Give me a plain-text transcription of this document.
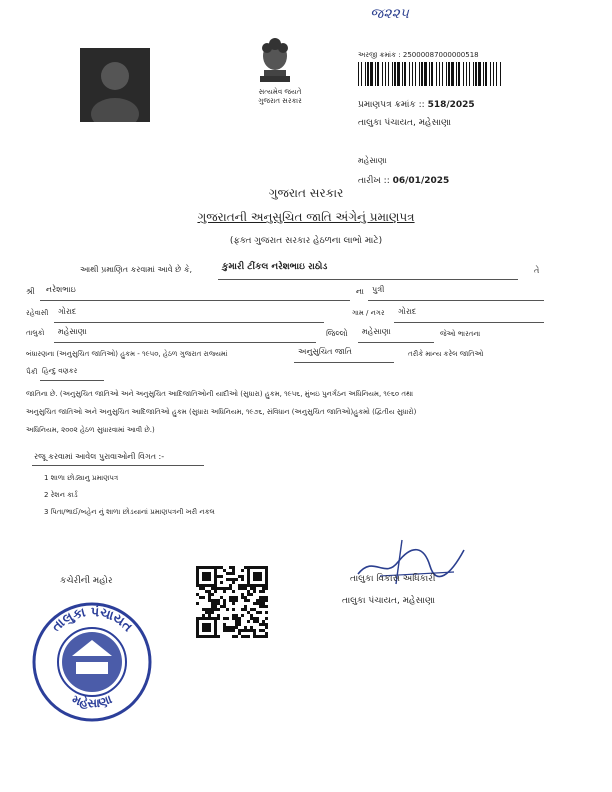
જ૨૨૫
સત્યમેવ જયતે
ગુજરાત સરકાર
અરજી ક્રમાંક : 25000087000000518
પ્રમાણપત્ર ક્રમાંક :: 518/2025
તાલુકા પંચાયત, મહેસાણા
મહેસાણા
તારીખ :: 06/01/2025
ગુજરાત સરકાર
ગુજરાતની અનુસુચિત જાતિ અંગેનું પ્રમાણપત્ર
(ફક્ત ગુજરાત સરકાર હેઠળના લાભો માટે)
આથી પ્રમાણિત કરવામાં આવે છે કે,	કુમારી ટીંકલ નરેશભાઇ રાઠોડ	તે
શ્રી નરેશભાઇ	ના પુત્રી
રહેવાસી ગોરાદ	ગામ / નગર ગોરાદ
તાલુકો મહેસાણા	જિલ્લો મહેસાણા	જેઓ ભારતના
બંધારણના (અનુસુચિત જાતિઓ) હુકમ - ૧૯૫૦, હેઠળ ગુજરાત રાજ્યમાં	અનુસુચિત જાતિ	તરીકે માન્ય કરેલ જાતિઓ
પૈકી હિન્દુ વણકર
જાતિના છે. (અનુસુચિત જાતિઓ અને અનુસુચિત આદિજાતિઓની યાદીઓ (સુધારા) હુકમ, ૧૯૫૬, મુંબઇ પુનર્ગઠન અધિનિયમ, ૧૯૬૦ તથા
અનુસુચિત જાતિઓ અને અનુસુચિત આદિજાતિઓ હુકમ (સુધારા અધિનિયમ, ૧૯૭૬, સંવિધાન (અનુસુચિત જાતિઓ)હુકમો (દ્વિતીય સુધારો)
અધિનિયમ, ૨૦૦૨ હેઠળ સુધારવામાં આવી છે.)
રજૂ કરવામાં આવેલ પુરાવાઓની વિગત :-
1 શાળા છોડ્યાનુ પ્રમાણપત્ર
2 રેશન કાર્ડ
3 પિતા/ભાઈ/બહેન નું શાળા છોડયાનાં પ્રમાણપત્રની ખરી નકલ
કચેરીની મહોર
તાલુકા પંચાયત
મહેસાણા
તાલુકા વિકાસ અધિકારી
તાલુકા પંચાયત, મહેસાણા
